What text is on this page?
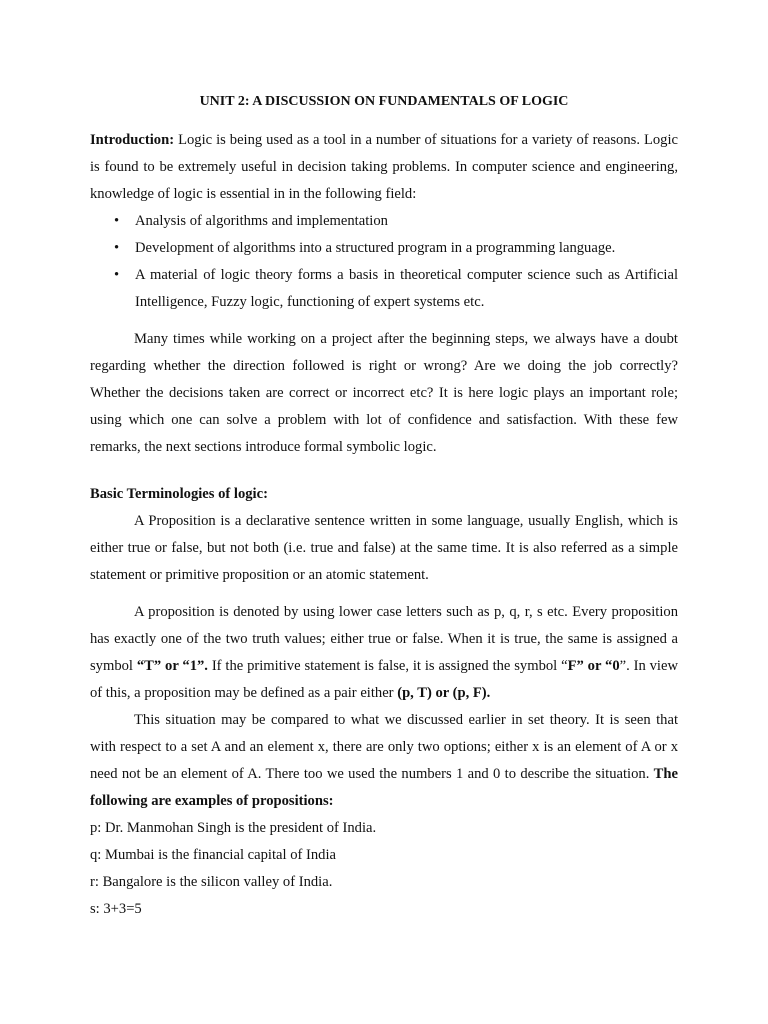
UNIT 2: A DISCUSSION ON FUNDAMENTALS OF LOGIC

Introduction: Logic is being used as a tool in a number of situations for a variety of reasons. Logic is found to be extremely useful in decision taking problems. In computer science and engineering, knowledge of logic is essential in in the following field:

• Analysis of algorithms and implementation
• Development of algorithms into a structured program in a programming language.
• A material of logic theory forms a basis in theoretical computer science such as Artificial Intelligence, Fuzzy logic, functioning of expert systems etc.

Many times while working on a project after the beginning steps, we always have a doubt regarding whether the direction followed is right or wrong? Are we doing the job correctly? Whether the decisions taken are correct or incorrect etc? It is here logic plays an important role; using which one can solve a problem with lot of confidence and satisfaction. With these few remarks, the next sections introduce formal symbolic logic.

Basic Terminologies of logic:

A Proposition is a declarative sentence written in some language, usually English, which is either true or false, but not both (i.e. true and false) at the same time. It is also referred as a simple statement or primitive proposition or an atomic statement.

A proposition is denoted by using lower case letters such as p, q, r, s etc. Every proposition has exactly one of the two truth values; either true or false. When it is true, the same is assigned a symbol “T” or “1”. If the primitive statement is false, it is assigned the symbol “F” or “0”. In view of this, a proposition may be defined as a pair either (p, T) or (p, F).

This situation may be compared to what we discussed earlier in set theory. It is seen that with respect to a set A and an element x, there are only two options; either x is an element of A or x need not be an element of A. There too we used the numbers 1 and 0 to describe the situation. The following are examples of propositions:

p: Dr. Manmohan Singh is the president of India.

q: Mumbai is the financial capital of India

r: Bangalore is the silicon valley of India.

s: 3+3=5
